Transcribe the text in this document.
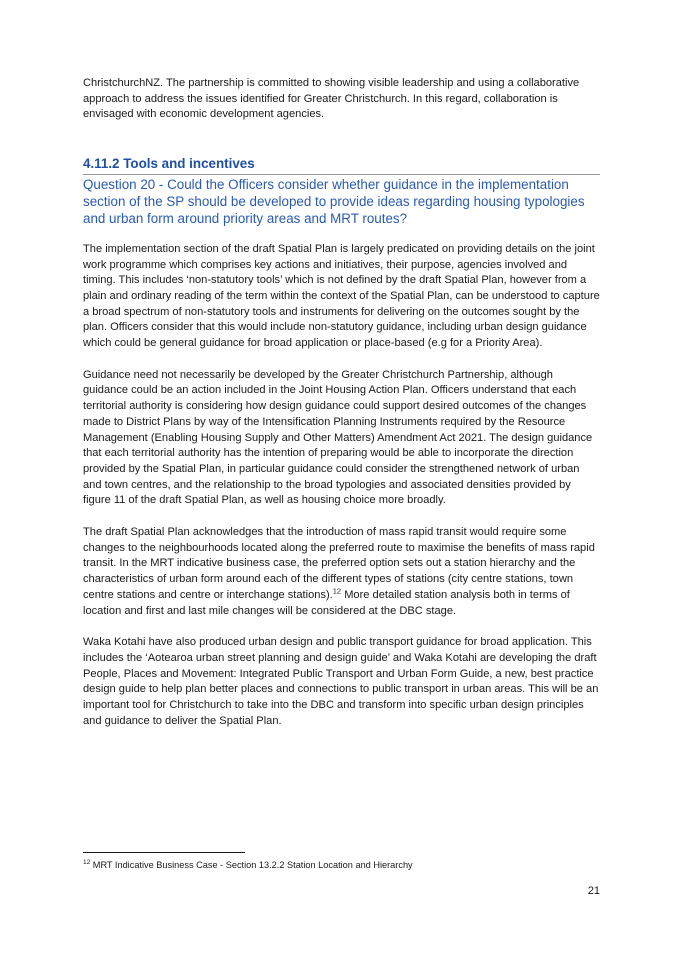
ChristchurchNZ. The partnership is committed to showing visible leadership and using a collaborative approach to address the issues identified for Greater Christchurch. In this regard, collaboration is envisaged with economic development agencies.

4.11.2 Tools and incentives
Question 20 - Could the Officers consider whether guidance in the implementation section of the SP should be developed to provide ideas regarding housing typologies and urban form around priority areas and MRT routes?

The implementation section of the draft Spatial Plan is largely predicated on providing details on the joint work programme which comprises key actions and initiatives, their purpose, agencies involved and timing. This includes ‘non-statutory tools’ which is not defined by the draft Spatial Plan, however from a plain and ordinary reading of the term within the context of the Spatial Plan, can be understood to capture a broad spectrum of non-statutory tools and instruments for delivering on the outcomes sought by the plan. Officers consider that this would include non-statutory guidance, including urban design guidance which could be general guidance for broad application or place-based (e.g for a Priority Area).

Guidance need not necessarily be developed by the Greater Christchurch Partnership, although guidance could be an action included in the Joint Housing Action Plan. Officers understand that each territorial authority is considering how design guidance could support desired outcomes of the changes made to District Plans by way of the Intensification Planning Instruments required by the Resource Management (Enabling Housing Supply and Other Matters) Amendment Act 2021. The design guidance that each territorial authority has the intention of preparing would be able to incorporate the direction provided by the Spatial Plan, in particular guidance could consider the strengthened network of urban and town centres, and the relationship to the broad typologies and associated densities provided by figure 11 of the draft Spatial Plan, as well as housing choice more broadly.

The draft Spatial Plan acknowledges that the introduction of mass rapid transit would require some changes to the neighbourhoods located along the preferred route to maximise the benefits of mass rapid transit. In the MRT indicative business case, the preferred option sets out a station hierarchy and the characteristics of urban form around each of the different types of stations (city centre stations, town centre stations and centre or interchange stations).$^{12}$ More detailed station analysis both in terms of location and first and last mile changes will be considered at the DBC stage.

Waka Kotahi have also produced urban design and public transport guidance for broad application. This includes the ‘Aotearoa urban street planning and design guide’ and Waka Kotahi are developing the draft People, Places and Movement: Integrated Public Transport and Urban Form Guide, a new, best practice design guide to help plan better places and connections to public transport in urban areas. This will be an important tool for Christchurch to take into the DBC and transform into specific urban design principles and guidance to deliver the Spatial Plan.

$^{12}$ MRT Indicative Business Case - Section 13.2.2 Station Location and Hierarchy
21
